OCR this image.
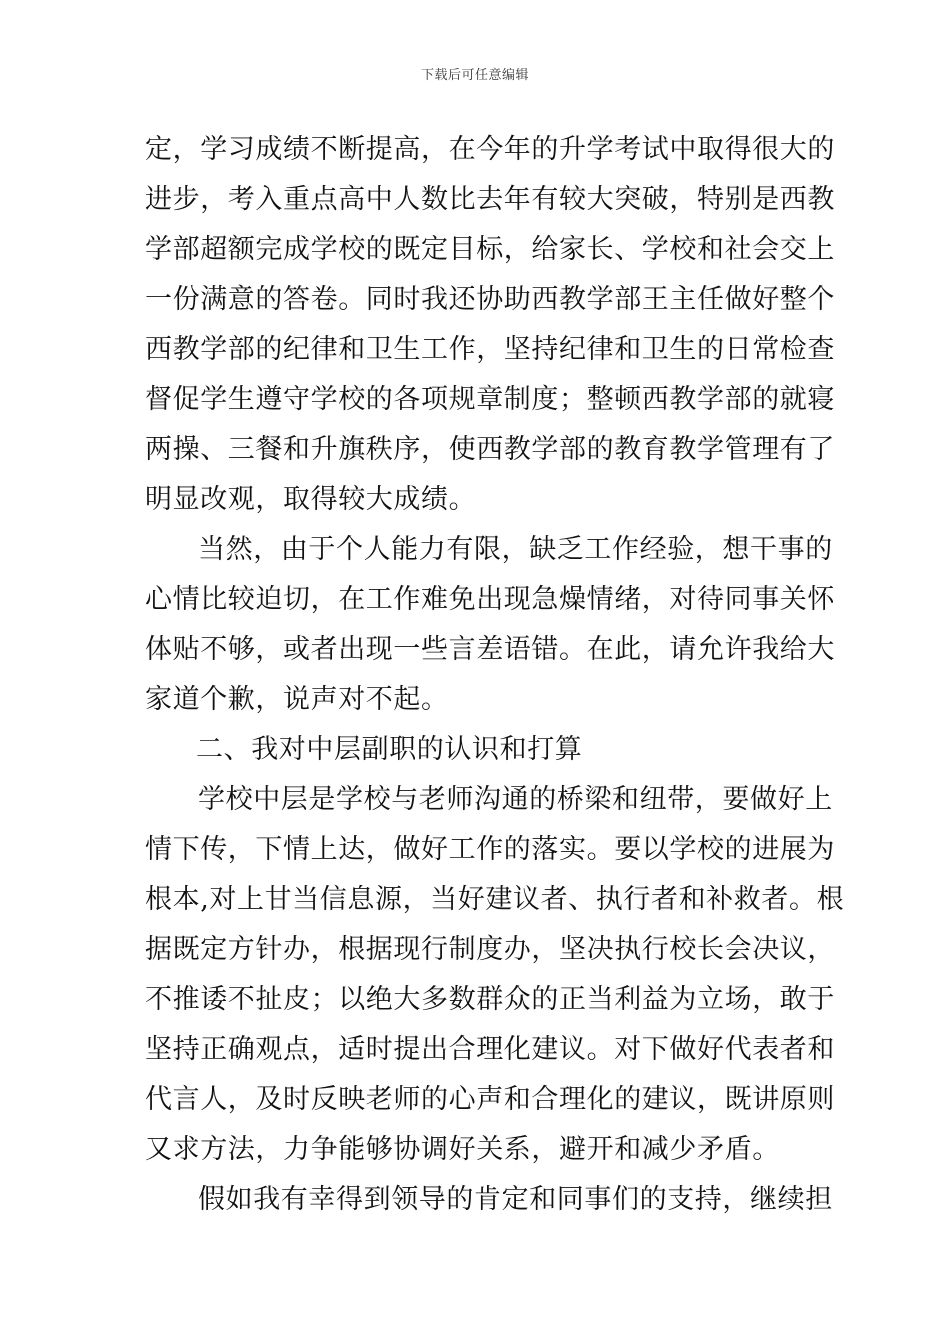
下载后可任意编辑
定，学习成绩不断提高，在今年的升学考试中取得很大的
进步，考入重点高中人数比去年有较大突破，特别是西教
学部超额完成学校的既定目标，给家长、学校和社会交上
一份满意的答卷。同时我还协助西教学部王主任做好整个
西教学部的纪律和卫生工作，坚持纪律和卫生的日常检查
督促学生遵守学校的各项规章制度；整顿西教学部的就寝
两操、三餐和升旗秩序，使西教学部的教育教学管理有了
明显改观，取得较大成绩。
当然，由于个人能力有限，缺乏工作经验，想干事的
心情比较迫切，在工作难免出现急燥情绪，对待同事关怀
体贴不够，或者出现一些言差语错。在此，请允许我给大
家道个歉，说声对不起。
二、我对中层副职的认识和打算
学校中层是学校与老师沟通的桥梁和纽带，要做好上
情下传，下情上达，做好工作的落实。要以学校的进展为
根本,对上甘当信息源，当好建议者、执行者和补救者。根
据既定方针办，根据现行制度办，坚决执行校长会决议，
不推诿不扯皮；以绝大多数群众的正当利益为立场，敢于
坚持正确观点，适时提出合理化建议。对下做好代表者和
代言人，及时反映老师的心声和合理化的建议，既讲原则
又求方法，力争能够协调好关系，避开和减少矛盾。
假如我有幸得到领导的肯定和同事们的支持，继续担
